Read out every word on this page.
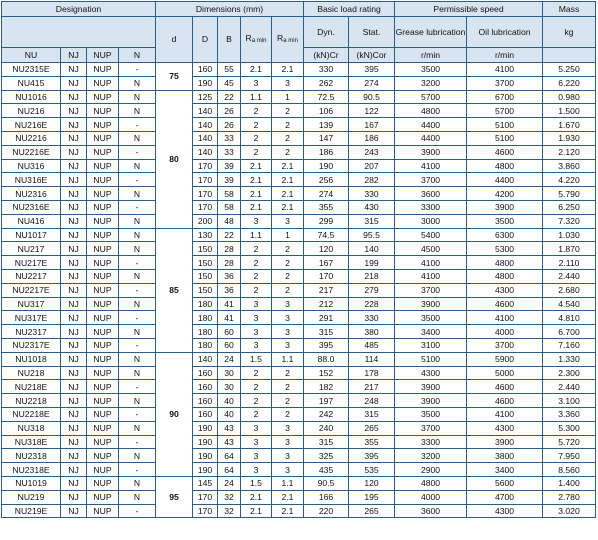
Designation				Dimensions (mm)					Basic load rating		Permissible speed		Mass
				d	D	B	Ra min	Ra min	Dyn.	Stat.	Grease lubrication	Oil lubrication	kg
NU	NJ	NUP	N						(kN)Cr	(kN)Cor	r/min	r/min	
NU2315E	NJ	NUP	-	75	160	55	2.1	2.1	330	395	3500	4100	5.250
NU415	NJ	NUP	N		190	45	3	3	262	274	3200	3700	6.220
NU1016	NJ	NUP	N	80	125	22	1.1	1	72.5	90.5	5700	6700	0.980
NU216	NJ	NUP	N		140	26	2	2	106	122	4800	5700	1.500
NU216E	NJ	NUP	-		140	26	2	2	139	167	4400	5100	1.670
NU2216	NJ	NUP	N		140	33	2	2	147	186	4400	5100	1.930
NU2216E	NJ	NUP	-		140	33	2	2	186	243	3900	4600	2.120
NU316	NJ	NUP	N		170	39	2.1	2.1	190	207	4100	4800	3.860
NU316E	NJ	NUP	-		170	39	2.1	2.1	256	282	3700	4400	4.220
NU2316	NJ	NUP	N		170	58	2.1	2.1	274	330	3600	4200	5.790
NU2316E	NJ	NUP	-		170	58	2.1	2.1	355	430	3300	3900	6.250
NU416	NJ	NUP	N		200	48	3	3	299	315	3000	3500	7.320
NU1017	NJ	NUP	N	85	130	22	1.1	1	74.5	95.5	5400	6300	1.030
NU217	NJ	NUP	N		150	28	2	2	120	140	4500	5300	1.870
NU217E	NJ	NUP	-		150	28	2	2	167	199	4100	4800	2.110
NU2217	NJ	NUP	N		150	36	2	2	170	218	4100	4800	2.440
NU2217E	NJ	NUP	-		150	36	2	2	217	279	3700	4300	2.680
NU317	NJ	NUP	N		180	41	3	3	212	228	3900	4600	4.540
NU317E	NJ	NUP	-		180	41	3	3	291	330	3500	4100	4.810
NU2317	NJ	NUP	N		180	60	3	3	315	380	3400	4000	6.700
NU2317E	NJ	NUP	-		180	60	3	3	395	485	3100	3700	7.160
NU1018	NJ	NUP	N	90	140	24	1.5	1.1	88.0	114	5100	5900	1.330
NU218	NJ	NUP	N		160	30	2	2	152	178	4300	5000	2.300
NU218E	NJ	NUP	-		160	30	2	2	182	217	3900	4600	2.440
NU2218	NJ	NUP	N		160	40	2	2	197	248	3900	4600	3.100
NU2218E	NJ	NUP	-		160	40	2	2	242	315	3500	4100	3.360
NU318	NJ	NUP	N		190	43	3	3	240	265	3700	4300	5.300
NU318E	NJ	NUP	-		190	43	3	3	315	355	3300	3900	5.720
NU2318	NJ	NUP	N		190	64	3	3	325	395	3200	3800	7.950
NU2318E	NJ	NUP	-		190	64	3	3	435	535	2900	3400	8.560
NU1019	NJ	NUP	N	95	145	24	1.5	1.1	90.5	120	4800	5600	1.400
NU219	NJ	NUP	N		170	32	2.1	2.1	166	195	4000	4700	2.780
NU219E	NJ	NUP	-		170	32	2.1	2.1	220	265	3600	4300	3.020
